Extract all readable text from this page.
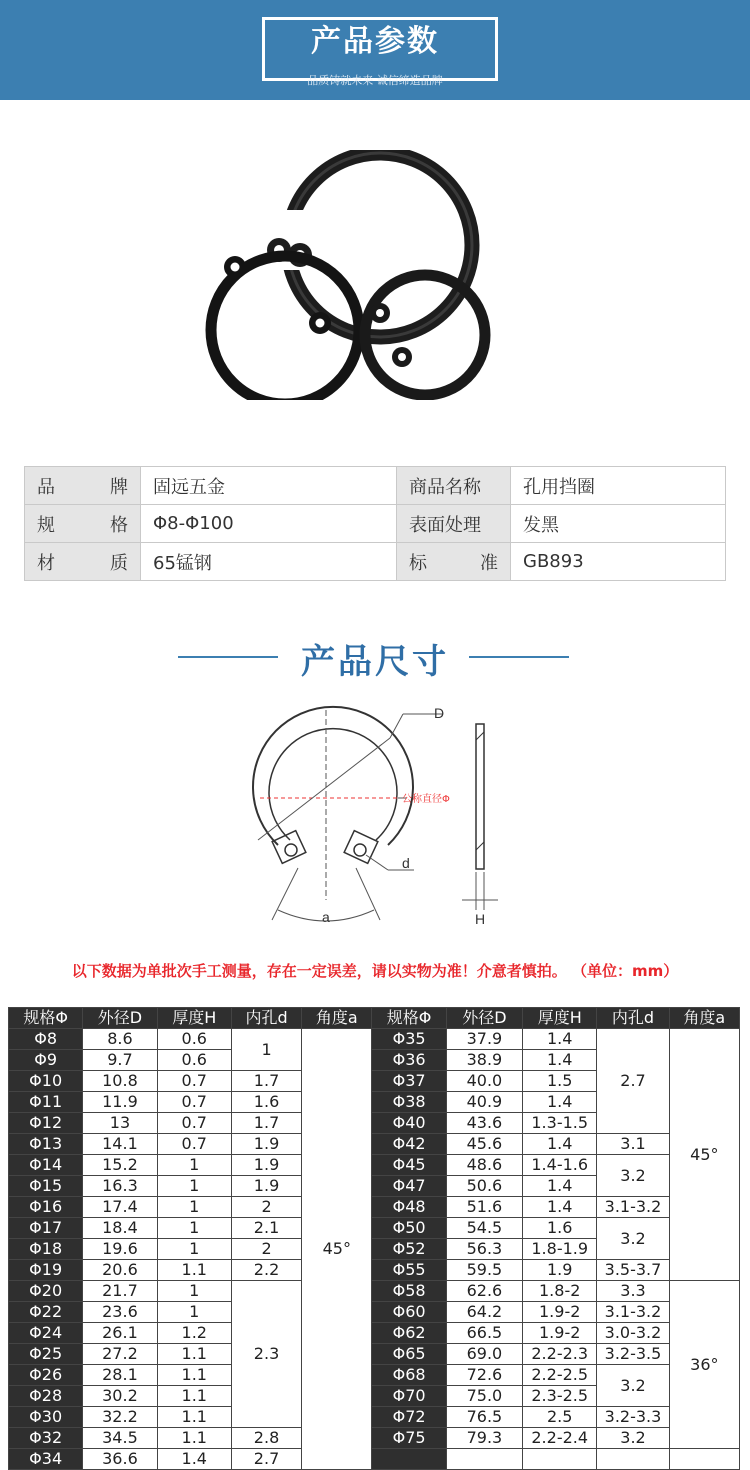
产品参数
品质铸就未来 诚信缔造品牌
品 牌	固远五金	商品名称	孔用挡圈

规 格	Φ8-Φ100	表面处理	发黑

材 质	65锰钢	标 准	GB893
产品尺寸
D
公称直径Φ
d
a	H
以下数据为单批次手工测量，存在一定误差，请以实物为准！介意者慎拍。 （单位：mm）
规格Φ	外径D	厚度H	内孔d	角度a	规格Φ	外径D	厚度H	内孔d	角度a
Φ8	8.6	0.6	1	45°	Φ35	37.9	1.4	2.7	45°
Φ9	9.7	0.6			Φ36	38.9	1.4		
Φ10	10.8	0.7	1.7		Φ37	40.0	1.5		
Φ11	11.9	0.7	1.6		Φ38	40.9	1.4		
Φ12	13	0.7	1.7		Φ40	43.6	1.3-1.5		
Φ13	14.1	0.7	1.9		Φ42	45.6	1.4	3.1	
Φ14	15.2	1	1.9		Φ45	48.6	1.4-1.6	3.2	
Φ15	16.3	1	1.9		Φ47	50.6	1.4		
Φ16	17.4	1	2		Φ48	51.6	1.4	3.1-3.2	
Φ17	18.4	1	2.1		Φ50	54.5	1.6	3.2	
Φ18	19.6	1	2		Φ52	56.3	1.8-1.9		
Φ19	20.6	1.1	2.2		Φ55	59.5	1.9	3.5-3.7	
Φ20	21.7	1	2.3		Φ58	62.6	1.8-2	3.3	36°
Φ22	23.6	1			Φ60	64.2	1.9-2	3.1-3.2	
Φ24	26.1	1.2			Φ62	66.5	1.9-2	3.0-3.2	
Φ25	27.2	1.1			Φ65	69.0	2.2-2.3	3.2-3.5	
Φ26	28.1	1.1			Φ68	72.6	2.2-2.5	3.2	
Φ28	30.2	1.1			Φ70	75.0	2.3-2.5		
Φ30	32.2	1.1			Φ72	76.5	2.5	3.2-3.3	
Φ32	34.5	1.1	2.8		Φ75	79.3	2.2-2.4	3.2	
Φ34	36.6	1.4	2.7						
